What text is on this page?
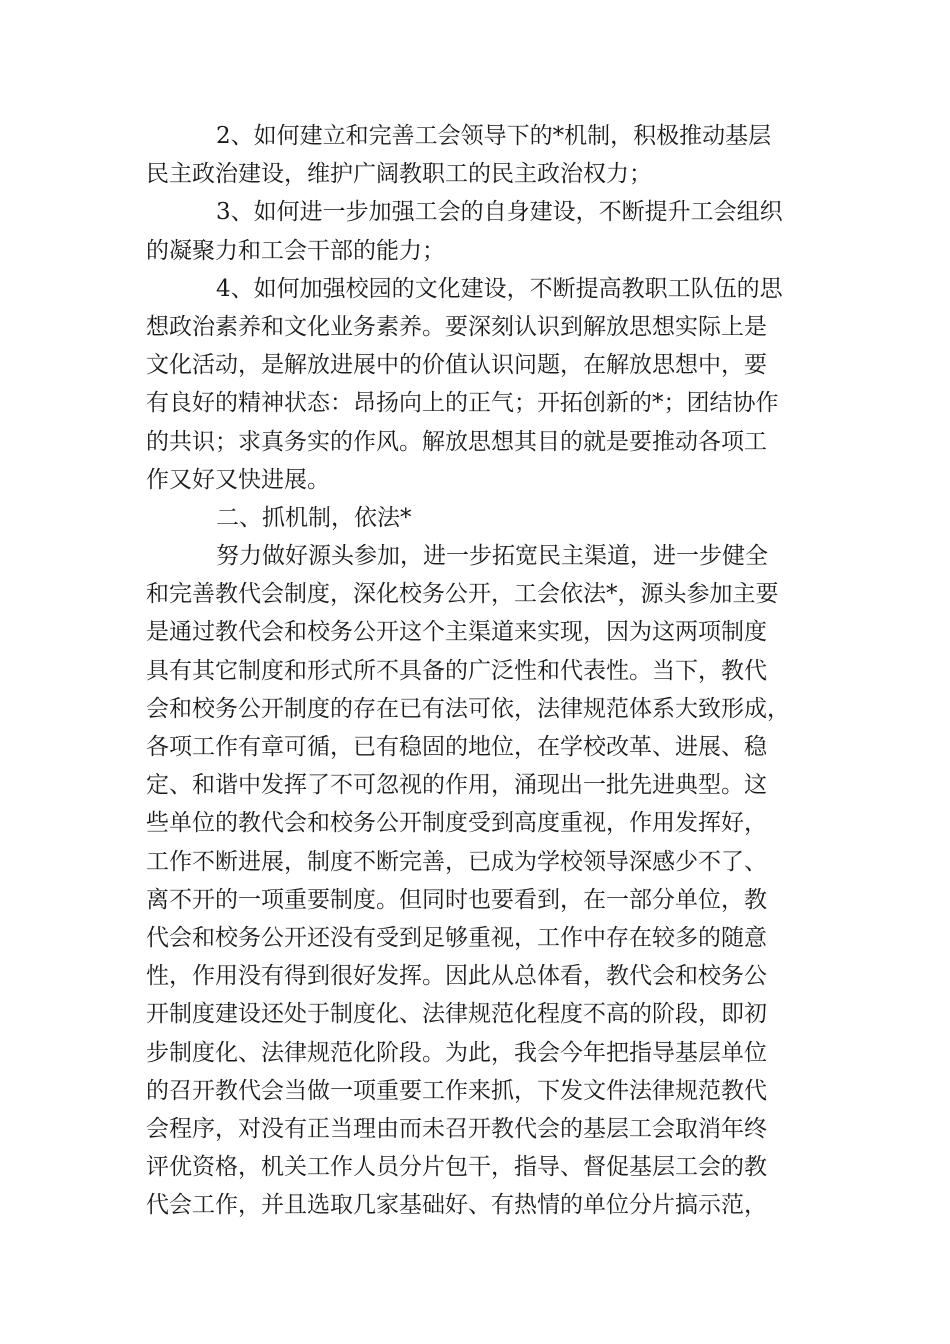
2、如何建立和完善工会领导下的*机制，积极推动基层
民主政治建设，维护广阔教职工的民主政治权力；
3、如何进一步加强工会的自身建设，不断提升工会组织
的凝聚力和工会干部的能力；
4、如何加强校园的文化建设，不断提高教职工队伍的思
想政治素养和文化业务素养。要深刻认识到解放思想实际上是
文化活动，是解放进展中的价值认识问题，在解放思想中，要
有良好的精神状态：昂扬向上的正气；开拓创新的*；团结协作
的共识；求真务实的作风。解放思想其目的就是要推动各项工
作又好又快进展。
二、抓机制，依法*
努力做好源头参加，进一步拓宽民主渠道，进一步健全
和完善教代会制度，深化校务公开，工会依法*，源头参加主要
是通过教代会和校务公开这个主渠道来实现，因为这两项制度
具有其它制度和形式所不具备的广泛性和代表性。当下，教代
会和校务公开制度的存在已有法可依，法律规范体系大致形成，
各项工作有章可循，已有稳固的地位，在学校改革、进展、稳
定、和谐中发挥了不可忽视的作用，涌现出一批先进典型。这
些单位的教代会和校务公开制度受到高度重视，作用发挥好，
工作不断进展，制度不断完善，已成为学校领导深感少不了、
离不开的一项重要制度。但同时也要看到，在一部分单位，教
代会和校务公开还没有受到足够重视，工作中存在较多的随意
性，作用没有得到很好发挥。因此从总体看，教代会和校务公
开制度建设还处于制度化、法律规范化程度不高的阶段，即初
步制度化、法律规范化阶段。为此，我会今年把指导基层单位
的召开教代会当做一项重要工作来抓，下发文件法律规范教代
会程序，对没有正当理由而未召开教代会的基层工会取消年终
评优资格，机关工作人员分片包干，指导、督促基层工会的教
代会工作，并且选取几家基础好、有热情的单位分片搞示范，
